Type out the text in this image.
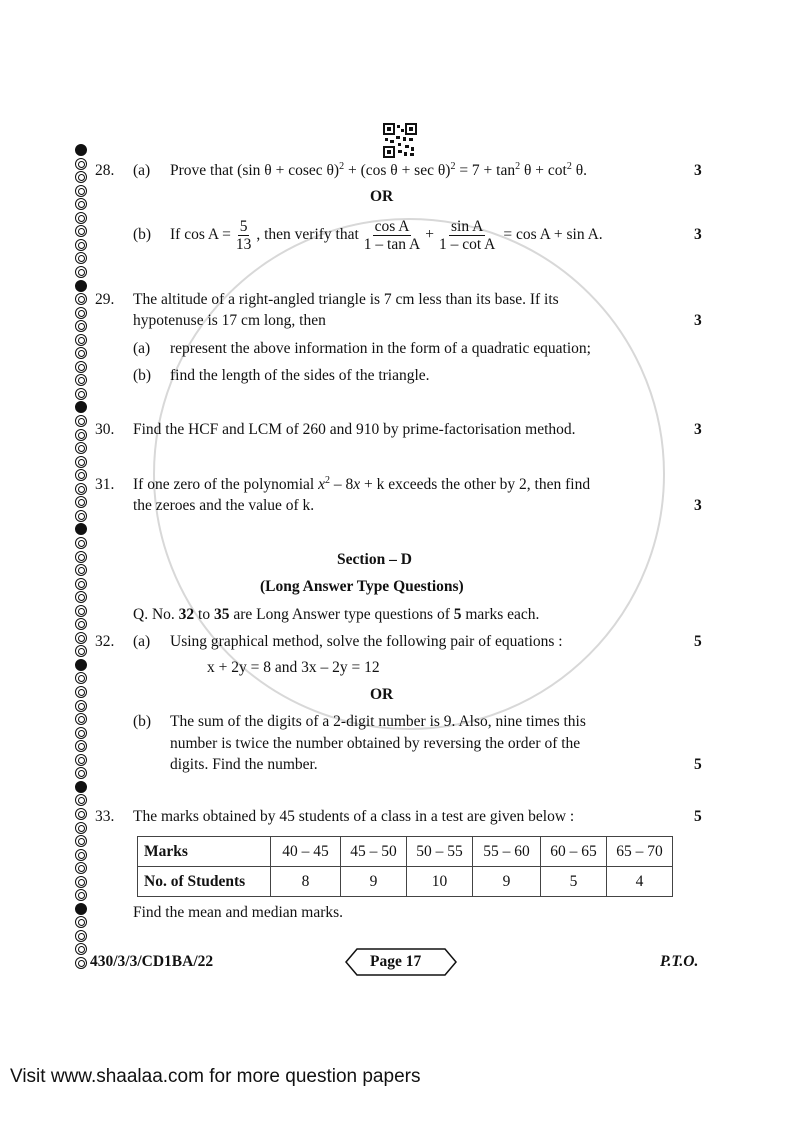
28. (a) Prove that (sin θ + cosec θ)$^2$ + (cos $\theta + \sec \theta)^2 = 7 + \tan^2 \theta + \cot^2 \theta$.	3
OR
(b) If $\cos A = \frac{5}{13}$ , then verify that $\frac{\text{cos A}}{\text{1 – tan A}} + \frac{\text{sin A}}{\text{1 – cot A}} = \cos A + \sin A$.	3
29. The altitude of a right-angled triangle is 7 cm less than its base. If its
hypotenuse is 17 cm long, then	3
(a) represent the above information in the form of a quadratic equation;
(b) find the length of the sides of the triangle.
30. Find the HCF and LCM of 260 and 910 by prime-factorisation method.	3
31. If one zero of the polynomial $x^2 - 8x + k$ exceeds the other by 2, then find
the zeroes and the value of k.	3
Section – D
(Long Answer Type Questions)
Q. No. 32 to 35 are Long Answer type questions of 5 marks each.
32. (a) Using graphical method, solve the following pair of equations :	5
x + 2y = 8 and 3x – 2y = 12
OR
(b) The sum of the digits of a 2-digit number is 9. Also, nine times this
number is twice the number obtained by reversing the order of the
digits. Find the number.	5
33. The marks obtained by 45 students of a class in a test are given below :	5
Marks	40 – 45	45 – 50	50 – 55	55 – 60	60 – 65	65 – 70
No. of Students	8	9	10	9	5	4
Find the mean and median marks.
430/3/3/CD1BA/22	Page 17	P.T.O.
Visit www.shaalaa.com for more question papers
